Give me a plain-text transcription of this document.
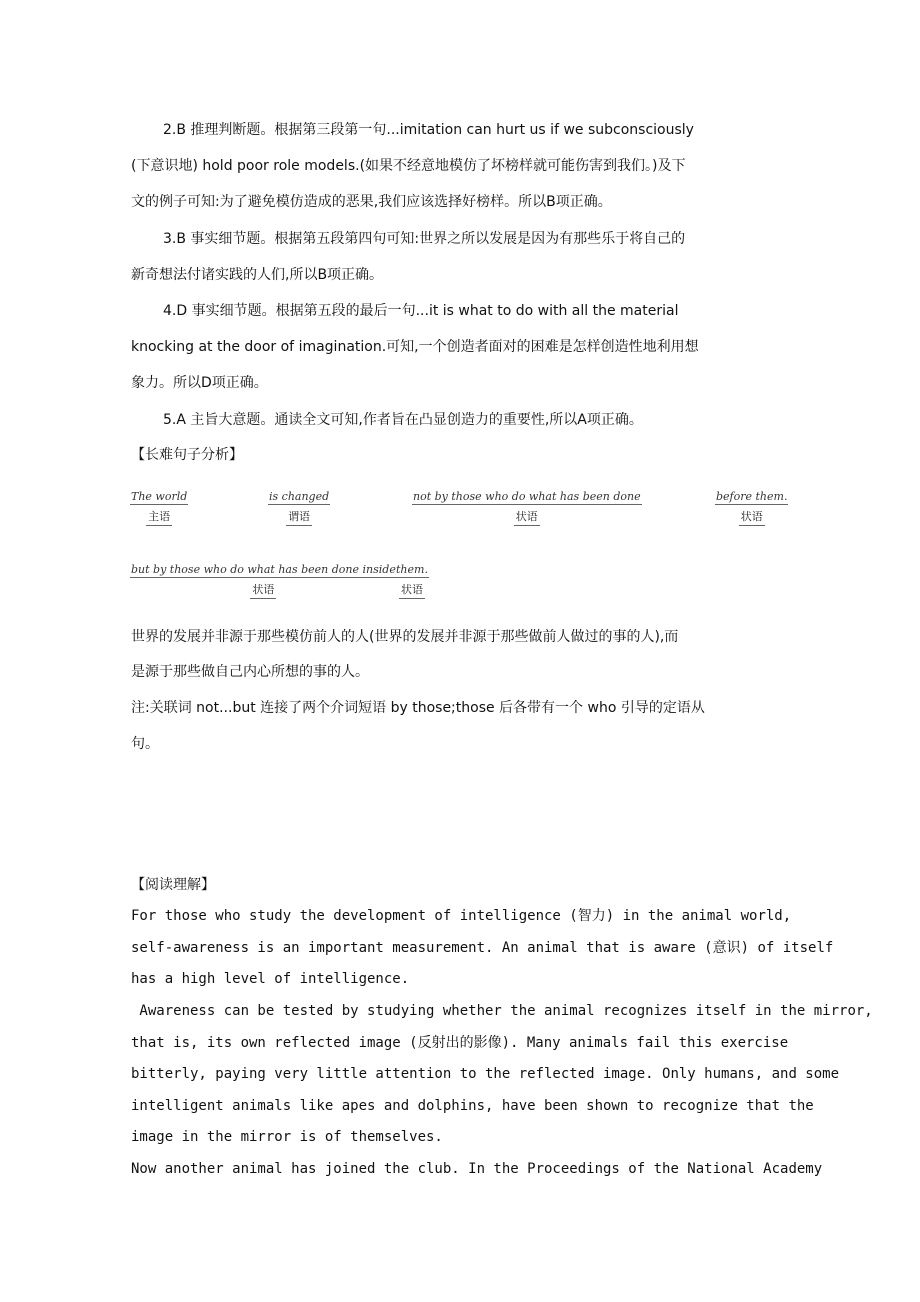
2.B 推理判断题。根据第三段第一句...imitation can hurt us if we subconsciously
(下意识地) hold poor role models.(如果不经意地模仿了坏榜样就可能伤害到我们。)及下
文的例子可知:为了避免模仿造成的恶果,我们应该选择好榜样。所以B项正确。
3.B 事实细节题。根据第五段第四句可知:世界之所以发展是因为有那些乐于将自己的
新奇想法付诸实践的人们,所以B项正确。
4.D 事实细节题。根据第五段的最后一句...it is what to do with all the material
knocking at the door of imagination.可知,一个创造者面对的困难是怎样创造性地利用想
象力。所以D项正确。
5.A 主旨大意题。通读全文可知,作者旨在凸显创造力的重要性,所以A项正确。
【长难句子分析】
The world
主语
is changed
谓语
not by those who do what has been done
状语
before them.
状语
but by those who do what has been done inside
状语
them.
状语
世界的发展并非源于那些模仿前人的人(世界的发展并非源于那些做前人做过的事的人),而
是源于那些做自己内心所想的事的人。
注:关联词 not...but 连接了两个介词短语 by those;those 后各带有一个 who 引导的定语从
句。
【阅读理解】
For those who study the development of intelligence (智力) in the animal world,
self-awareness is an important measurement. An animal that is aware (意识) of itself
has a high level of intelligence.
Awareness can be tested by studying whether the animal recognizes itself in the mirror,
that is, its own reflected image (反射出的影像). Many animals fail this exercise
bitterly, paying very little attention to the reflected image. Only humans, and some
intelligent animals like apes and dolphins, have been shown to recognize that the
image in the mirror is of themselves.
Now another animal has joined the club. In the Proceedings of the National Academy
